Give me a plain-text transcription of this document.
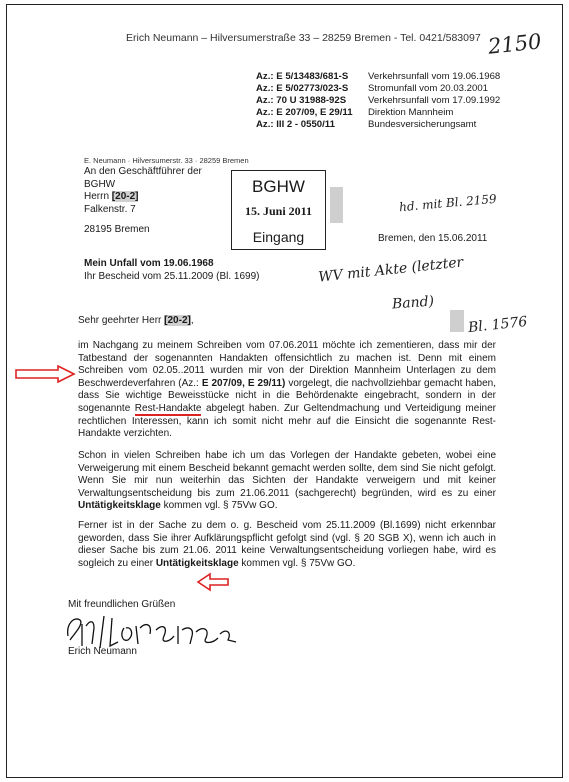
Erich Neumann – Hilversumerstraße 33 – 28259 Bremen - Tel. 0421/583097 2150
Az.: E 5/13483/681-S Verkehrsunfall vom 19.06.1968
Az.: E 5/02773/023-S Stromunfall vom 20.03.2001
Az.: 70 U 31988-92S Verkehrsunfall vom 17.09.1992
Az.: E 207/09, E 29/11 Direktion Mannheim
Az.: III 2 - 0550/11	Bundesversicherungsamt
E. Neumann · Hilversumerstr. 33 · 28259 Bremen
An den Geschäftführer der
BGHW
Herrn [20-2]
Falkenstr. 7
28195 Bremen
BGHW
15. Juni 2011
Eingang
hd. mit Bl. 2159
Bremen, den 15.06.2011
Mein Unfall vom 19.06.1968
Ihr Bescheid vom 25.11.2009 (Bl. 1699)	WV mit Akte (letzter
Band)
Bl. 1576
Sehr geehrter Herr [20-2],
im Nachgang zu meinem Schreiben vom 07.06.2011 möchte ich zementieren, dass mir der Tatbestand der sogenannten Handakten offensichtlich zu machen ist. Denn mit einem Schreiben vom 02.05..2011 wurden mir von der Direktion Mannheim Unterlagen zu dem Beschwerdeverfahren (Az.: E 207/09, E 29/11) vorgelegt, die nachvollziehbar gemacht haben, dass Sie wichtige Beweisstücke nicht in die Behördenakte eingebracht, sondern in der sogenannte Rest-Handakte abgelegt haben. Zur Geltendmachung und Verteidigung meiner rechtlichen Interessen, kann ich somit nicht mehr auf die Einsicht die sogenannte Rest-Handakte verzichten.
Schon in vielen Schreiben habe ich um das Vorlegen der Handakte gebeten, wobei eine Verweigerung mit einem Bescheid bekannt gemacht werden sollte, dem sind Sie nicht gefolgt. Wenn Sie mir nun weiterhin das Sichten der Handakte verweigern und mit keiner Verwaltungsentscheidung bis zum 21.06.2011 (sachgerecht) begründen, wird es zu einer Untätigkeitsklage kommen vgl. § 75Vw GO.
Ferner ist in der Sache zu dem o. g. Bescheid vom 25.11.2009 (Bl.1699) nicht erkennbar geworden, dass Sie ihrer Aufklärungspflicht gefolgt sind (vgl. § 20 SGB X), wenn ich auch in dieser Sache bis zum 21.06. 2011 keine Verwaltungsentscheidung vorliegen habe, wird es sogleich zu einer Untätigkeitsklage kommen vgl. § 75Vw GO.
Mit freundlichen Grüßen
Erich Neumann
